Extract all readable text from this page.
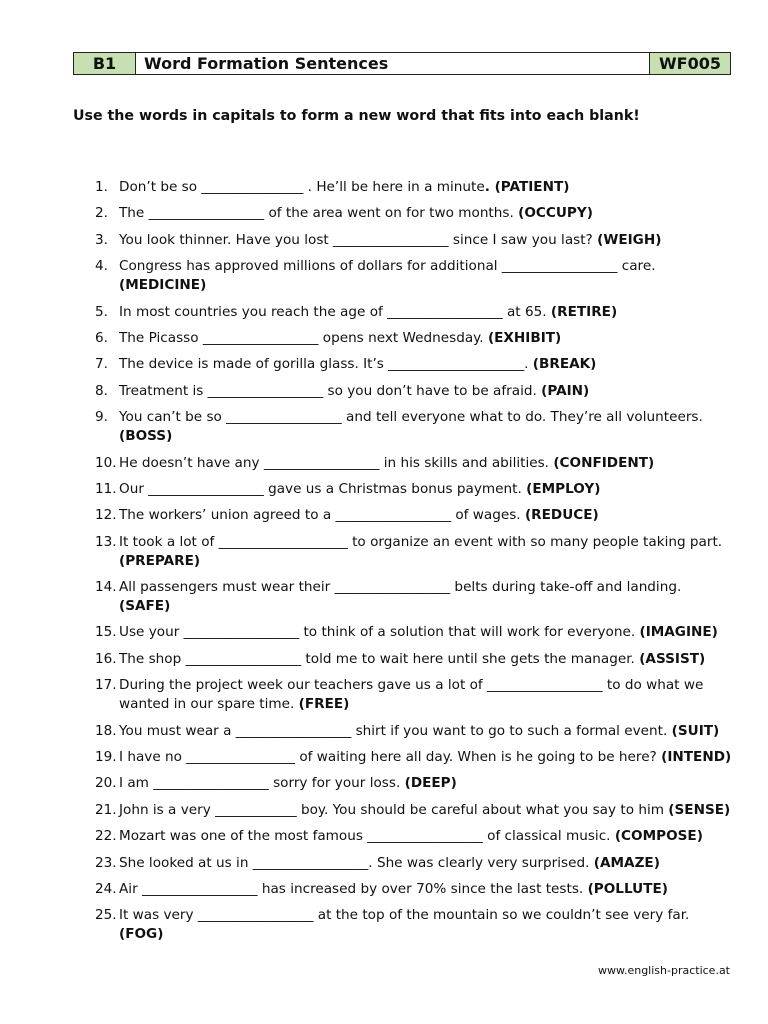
B1	Word Formation Sentences	WF005
Use the words in capitals to form a new word that fits into each blank!
1. Don’t be so _______________ . He’ll be here in a minute. (PATIENT)
2. The _________________ of the area went on for two months. (OCCUPY)
3. You look thinner. Have you lost _________________ since I saw you last? (WEIGH)
4. Congress has approved millions of dollars for additional _________________ care. (MEDICINE)
5. In most countries you reach the age of _________________ at 65. (RETIRE)
6. The Picasso _________________ opens next Wednesday. (EXHIBIT)
7. The device is made of gorilla glass. It’s ____________________. (BREAK)
8. Treatment is _________________ so you don’t have to be afraid. (PAIN)
9. You can’t be so _________________ and tell everyone what to do. They’re all volunteers. (BOSS)
10. He doesn’t have any _________________ in his skills and abilities. (CONFIDENT)
11. Our _________________ gave us a Christmas bonus payment. (EMPLOY)
12. The workers’ union agreed to a _________________ of wages. (REDUCE)
13. It took a lot of ___________________ to organize an event with so many people taking part. (PREPARE)
14. All passengers must wear their _________________ belts during take-off and landing. (SAFE)
15. Use your _________________ to think of a solution that will work for everyone. (IMAGINE)
16. The shop _________________ told me to wait here until she gets the manager. (ASSIST)
17. During the project week our teachers gave us a lot of _________________ to do what we wanted in our spare time. (FREE)
18. You must wear a _________________ shirt if you want to go to such a formal event. (SUIT)
19. I have no ________________ of waiting here all day. When is he going to be here? (INTEND)
20. I am _________________ sorry for your loss. (DEEP)
21. John is a very ____________ boy. You should be careful about what you say to him (SENSE)
22. Mozart was one of the most famous _________________ of classical music. (COMPOSE)
23. She looked at us in _________________. She was clearly very surprised. (AMAZE)
24. Air _________________ has increased by over 70% since the last tests. (POLLUTE)
25. It was very _________________ at the top of the mountain so we couldn’t see very far. (FOG)
www.english-practice.at
